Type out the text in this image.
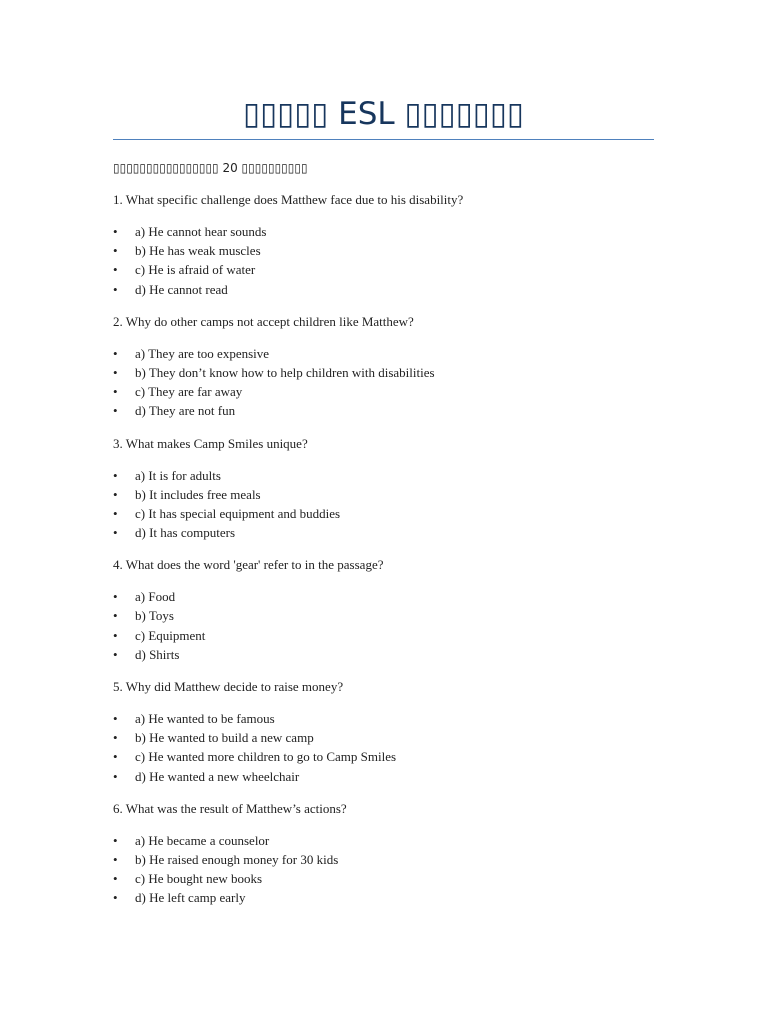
▯▯▯▯▯ ESL ▯▯▯▯▯▯▯
▯▯▯▯▯▯▯▯▯▯▯▯▯▯▯▯ 20 ▯▯▯▯▯▯▯▯▯▯
1. What specific challenge does Matthew face due to his disability?
• a) He cannot hear sounds
• b) He has weak muscles
• c) He is afraid of water
• d) He cannot read
2. Why do other camps not accept children like Matthew?
• a) They are too expensive
• b) They don’t know how to help children with disabilities
• c) They are far away
• d) They are not fun
3. What makes Camp Smiles unique?
• a) It is for adults
• b) It includes free meals
• c) It has special equipment and buddies
• d) It has computers
4. What does the word 'gear' refer to in the passage?
• a) Food
• b) Toys
• c) Equipment
• d) Shirts
5. Why did Matthew decide to raise money?
• a) He wanted to be famous
• b) He wanted to build a new camp
• c) He wanted more children to go to Camp Smiles
• d) He wanted a new wheelchair
6. What was the result of Matthew’s actions?
• a) He became a counselor
• b) He raised enough money for 30 kids
• c) He bought new books
• d) He left camp early
